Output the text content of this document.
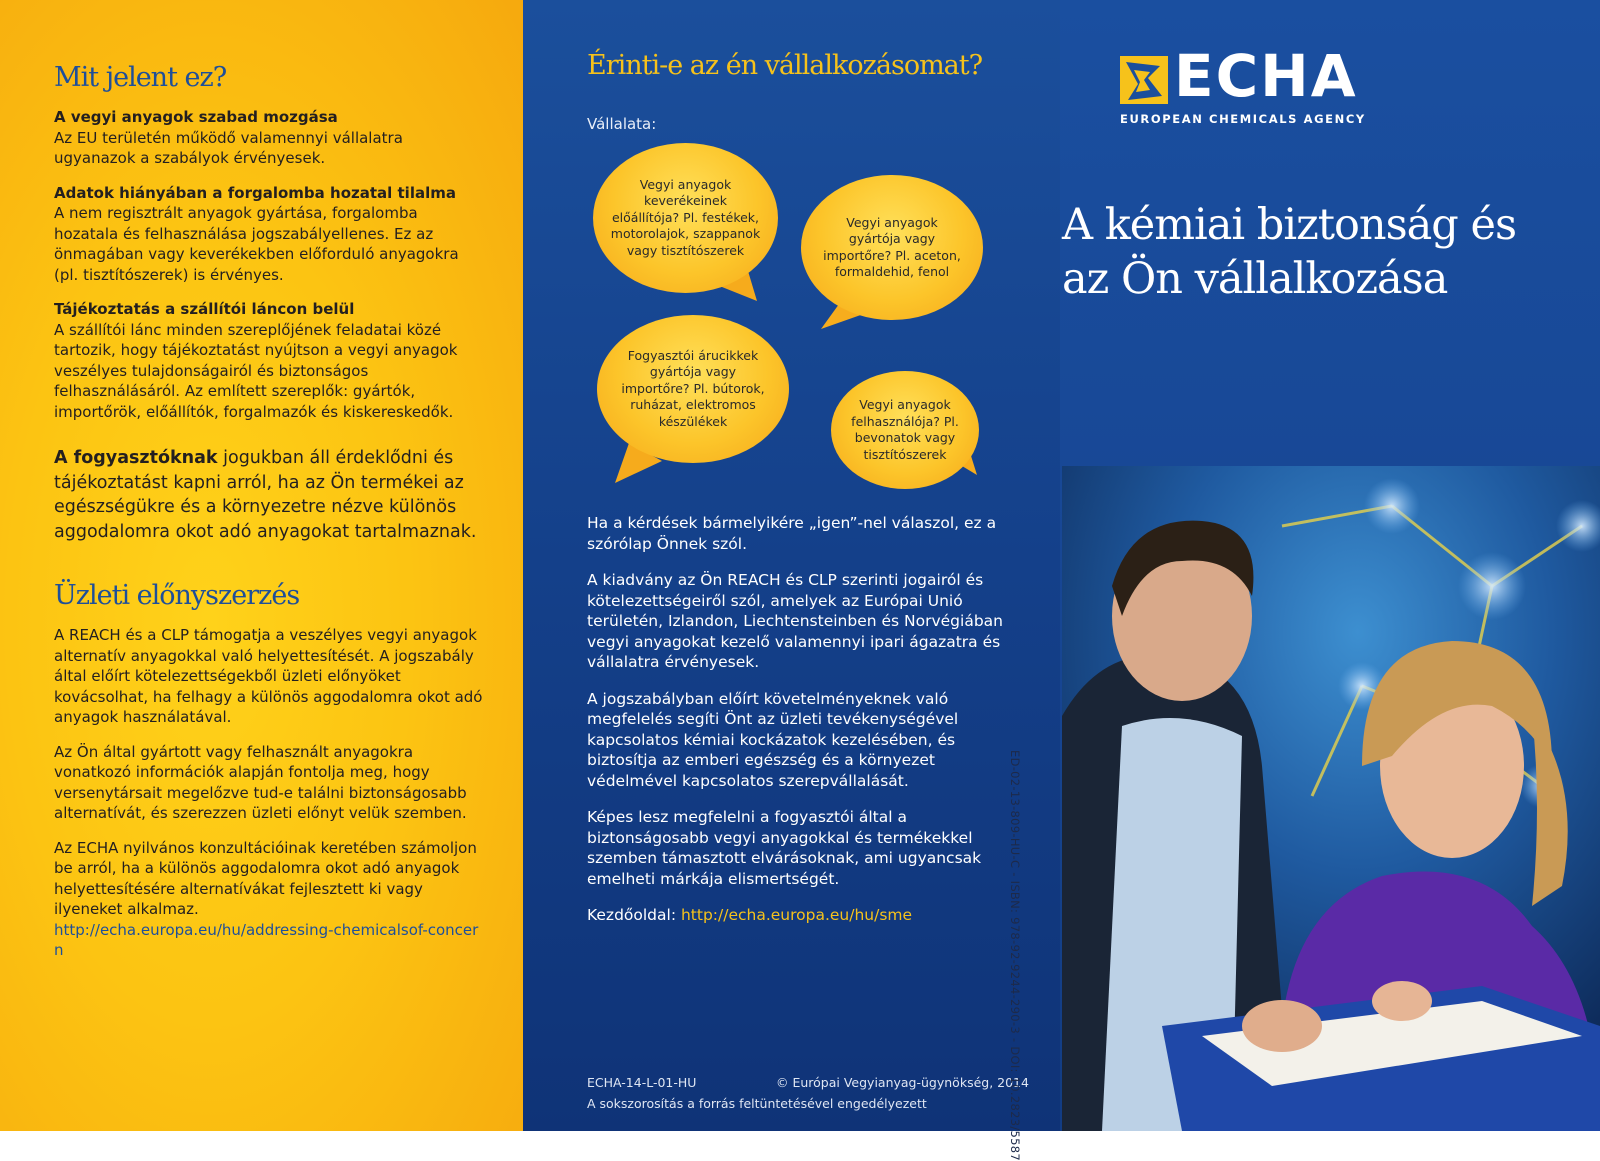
Mit jelent ez?
A vegyi anyagok szabad mozgása
Az EU területén működő valamennyi vállalatra ugyanazok a szabályok érvényesek.
Adatok hiányában a forgalomba hozatal tilalma
A nem regisztrált anyagok gyártása, forgalomba hozatala és felhasználása jogszabályellenes. Ez az önmagában vagy keverékekben előforduló anyagokra (pl. tisztítószerek) is érvényes.
Tájékoztatás a szállítói láncon belül
A szállítói lánc minden szereplőjének feladatai közé tartozik, hogy tájékoztatást nyújtson a vegyi anyagok veszélyes tulajdonságairól és biztonságos felhasználásáról. Az említett szereplők: gyártók, importőrök, előállítók, forgalmazók és kiskereskedők.

A fogyasztóknak jogukban áll érdeklődni és tájékoztatást kapni arról, ha az Ön termékei az egészségükre és a környezetre nézve különös aggodalomra okot adó anyagokat tartalmaznak.

Üzleti előnyszerzés

A REACH és a CLP támogatja a veszélyes vegyi anyagok alternatív anyagokkal való helyettesítését. A jogszabály által előírt kötelezettségekből üzleti előnyöket kovácsolhat, ha felhagy a különös aggodalomra okot adó anyagok használatával.

Az Ön által gyártott vagy felhasznált anyagokra vonatkozó információk alapján fontolja meg, hogy versenytársait megelőzve tud-e találni biztonságosabb alternatívát, és szerezzen üzleti előnyt velük szemben.

Az ECHA nyilvános konzultációinak keretében számoljon be arról, ha a különös aggodalomra okot adó anyagok helyettesítésére alternatívákat fejlesztett ki vagy ilyeneket alkalmaz.

http://echa.europa.eu/hu/addressing-chemicalsof-concern
Érinti-e az én vállalkozásomat?

Vállalata:

Vegyi anyagok keverékeinek előállítója? Pl. festékek, motorolajok, szappanok vagy tisztítószerek
Vegyi anyagok gyártója vagy importőre? Pl. aceton, formaldehid, fenol
Fogyasztói árucikkek gyártója vagy importőre? Pl. bútorok, ruházat, elektromos készülékek
Vegyi anyagok felhasználója? Pl. bevonatok vagy tisztítószerek

Ha a kérdések bármelyikére „igen”-nel válaszol, ez a szórólap Önnek szól.

A kiadvány az Ön REACH és CLP szerinti jogairól és kötelezettségeiről szól, amelyek az Európai Unió területén, Izlandon, Liechtensteinben és Norvégiában vegyi anyagokat kezelő valamennyi ipari ágazatra és vállalatra érvényesek.

A jogszabályban előírt követelményeknek való megfelelés segíti Önt az üzleti tevékenységével kapcsolatos kémiai kockázatok kezelésében, és biztosítja az emberi egészség és a környezet védelmével kapcsolatos szerepvállalását.

Képes lesz megfelelni a fogyasztói által a biztonságosabb vegyi anyagokkal és termékekkel szemben támasztott elvárásoknak, ami ugyancsak emelheti márkája elismertségét.

Kezdőoldal: http://echa.europa.eu/hu/sme

ECHA-14-L-01-HU	© Európai Vegyianyag-ügynökség, 2014
A sokszorosítás a forrás feltüntetésével engedélyezett	ED-02-13-809-HU-C - ISBN: 978-92-9244-290-3 - DOI: 10.2823/5587
ECHA
EUROPEAN CHEMICALS AGENCY
A kémiai biztonság és
az Ön vállalkozása
